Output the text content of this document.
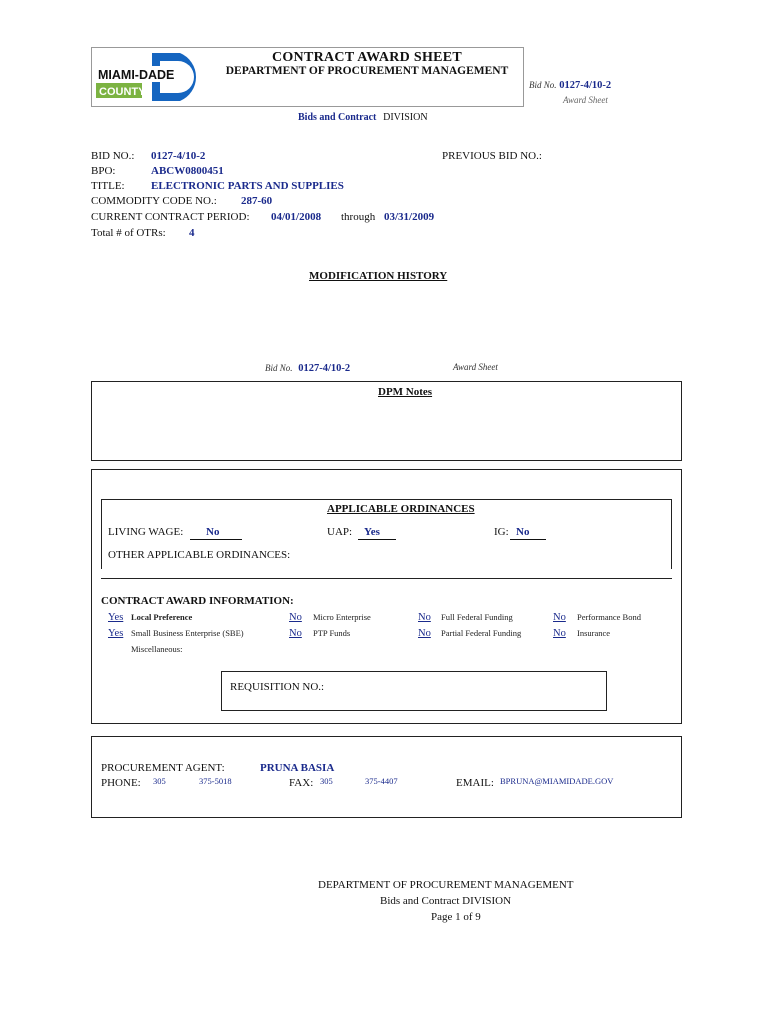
MIAMI-DADE
COUNTY
CONTRACT AWARD SHEET
DEPARTMENT OF PROCUREMENT MANAGEMENT
Bid No. 0127-4/10-2
Award Sheet
Bids and Contract DIVISION
BID NO.: 0127-4/10-2	PREVIOUS BID NO.:
BPO:	ABCW0800451
TITLE: ELECTRONIC PARTS AND SUPPLIES
COMMODITY CODE NO.: 287-60
CURRENT CONTRACT PERIOD: 04/01/2008 through 03/31/2009
Total # of OTRs: 4
MODIFICATION HISTORY
Bid No. 0127-4/10-2	Award Sheet
DPM Notes
APPLICABLE ORDINANCES
LIVING WAGE:	No	UAP:	Yes	IG: No
OTHER APPLICABLE ORDINANCES:
CONTRACT AWARD INFORMATION:
Yes Local Preference	No Micro Enterprise	No Full Federal Funding	No Performance Bond
Yes Small Business Enterprise (SBE)	No PTP Funds	No Partial Federal Funding	No Insurance
Miscellaneous:
REQUISITION NO.:
PROCUREMENT AGENT:	PRUNA BASIA
PHONE: 305	375-5018	FAX: 305	375-4407	EMAIL: BPRUNA@MIAMIDADE.GOV
DEPARTMENT OF PROCUREMENT MANAGEMENT
Bids and Contract DIVISION
Page 1 of 9
